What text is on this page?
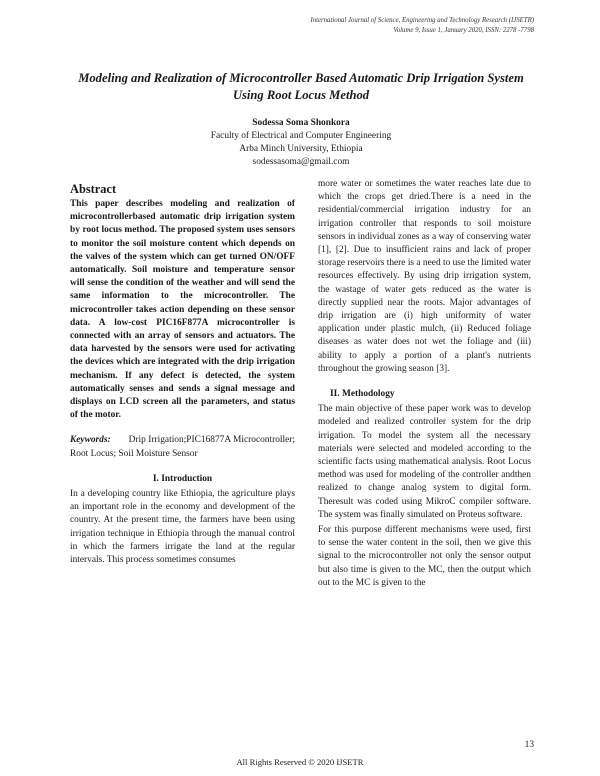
International Journal of Science, Engineering and Technology Research (IJSETR)
Volume 9, Issue 1, January 2020, ISSN: 2278 -7798
Modeling and Realization of Microcontroller Based Automatic Drip Irrigation System Using Root Locus Method
Sodessa Soma Shonkora
Faculty of Electrical and Computer Engineering
Arba Minch University, Ethiopia
sodessasoma@gmail.com
Abstract

This paper describes modeling and realization of microcontrollerbased automatic drip irrigation system by root locus method. The proposed system uses sensors to monitor the soil moisture content which depends on the valves of the system which can get turned ON/OFF automatically. Soil moisture and temperature sensor will sense the condition of the weather and will send the same information to the microcontroller. The microcontroller takes action depending on these sensor data. A low-cost PIC16F877A microcontroller is connected with an array of sensors and actuators. The data harvested by the sensors were used for activating the devices which are integrated with the drip irrigation mechanism. If any defect is detected, the system automatically senses and sends a signal message and displays on LCD screen all the parameters, and status of the motor.

Keywords: Drip Irrigation;PIC16877A Microcontroller; Root Locus; Soil Moisture Sensor

I. Introduction

In a developing country like Ethiopia, the agriculture plays an important role in the economy and development of the country. At the present time, the farmers have been using irrigation technique in Ethiopia through the manual control in which the farmers irrigate the land at the regular intervals. This process sometimes consumes

more water or sometimes the water reaches late due to which the crops get dried.There is a need in the residential/commercial irrigation industry for an irrigation controller that responds to soil moisture sensors in individual zones as a way of conserving water [1], [2]. Due to insufficient rains and lack of proper storage reservoirs there is a need to use the limited water resources effectively. By using drip irrigation system, the wastage of water gets reduced as the water is directly supplied near the roots. Major advantages of drip irrigation are (i) high uniformity of water application under plastic mulch, (ii) Reduced foliage diseases as water does not wet the foliage and (iii) ability to apply a portion of a plant's nutrients throughout the growing season [3].

II. Methodology

The main objective of these paper work was to develop modeled and realized controller system for the drip irrigation. To model the system all the necessary materials were selected and modeled according to the scientific facts using mathematical analysis. Root Locus method was used for modeling of the controller andthen realized to change analog system to digital form. Theresult was coded using MikroC compiler software. The system was finally simulated on Proteus software.

For this purpose different mechanisms were used, first to sense the water content in the soil, then we give this signal to the microcontroller not only the sensor output but also time is given to the MC, then the output which out to the MC is given to the

13
All Rights Reserved © 2020 IJSETR
